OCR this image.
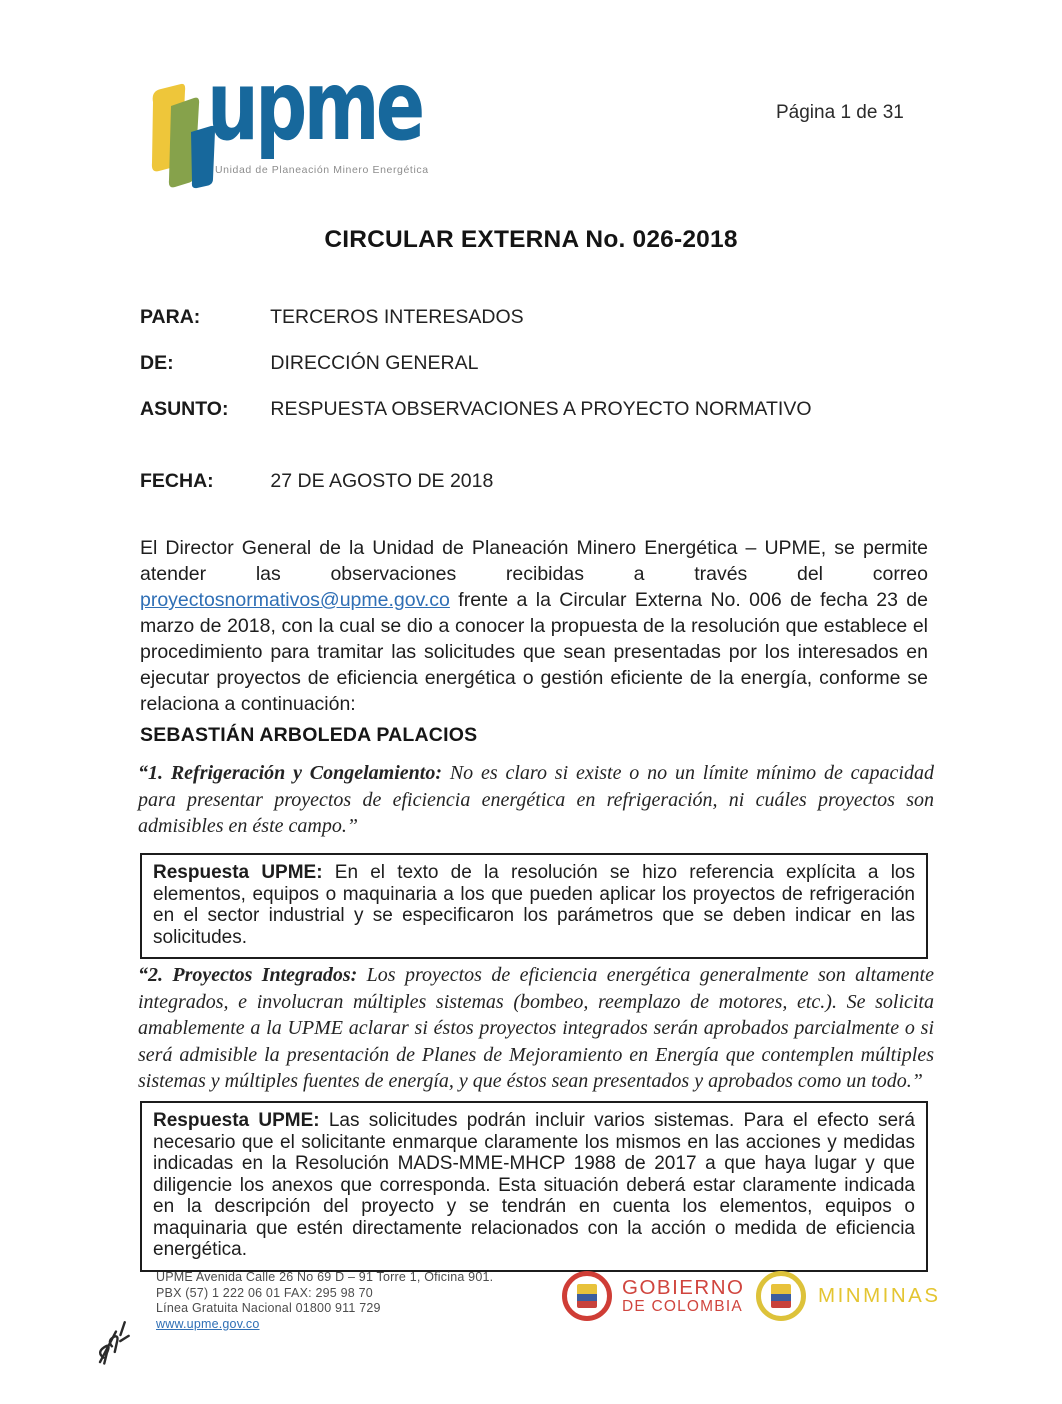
upme
Unidad de Planeación Minero Energética
Página 1 de 31
CIRCULAR EXTERNA No. 026-2018
PARA:	TERCEROS INTERESADOS
DE:	DIRECCIÓN GENERAL
ASUNTO: RESPUESTA OBSERVACIONES A PROYECTO NORMATIVO
FECHA:	27 DE AGOSTO DE 2018

El Director General de la Unidad de Planeación Minero Energética – UPME, se permite atender las observaciones recibidas a través del correo proyectosnormativos@upme.gov.co frente a la Circular Externa No. 006 de fecha 23 de marzo de 2018, con la cual se dio a conocer la propuesta de la resolución que establece el procedimiento para tramitar las solicitudes que sean presentadas por los interesados en ejecutar proyectos de eficiencia energética o gestión eficiente de la energía, conforme se relaciona a continuación:

SEBASTIÁN ARBOLEDA PALACIOS

“1. Refrigeración y Congelamiento: No es claro si existe o no un límite mínimo de capacidad para presentar proyectos de eficiencia energética en refrigeración, ni cuáles proyectos son admisibles en éste campo.”

Respuesta UPME: En el texto de la resolución se hizo referencia explícita a los elementos, equipos o maquinaria a los que pueden aplicar los proyectos de refrigeración en el sector industrial y se especificaron los parámetros que se deben indicar en las solicitudes.

“2. Proyectos Integrados: Los proyectos de eficiencia energética generalmente son altamente integrados, e involucran múltiples sistemas (bombeo, reemplazo de motores, etc.). Se solicita amablemente a la UPME aclarar si éstos proyectos integrados serán aprobados parcialmente o si será admisible la presentación de Planes de Mejoramiento en Energía que contemplen múltiples sistemas y múltiples fuentes de energía, y que éstos sean presentados y aprobados como un todo.”

Respuesta UPME: Las solicitudes podrán incluir varios sistemas. Para el efecto será necesario que el solicitante enmarque claramente los mismos en las acciones y medidas indicadas en la Resolución MADS-MME-MHCP 1988 de 2017 a que haya lugar y que diligencie los anexos que corresponda. Esta situación deberá estar claramente indicada en la descripción del proyecto y se tendrán en cuenta los elementos, equipos o maquinaria que estén directamente relacionados con la acción o medida de eficiencia energética.
UPME Avenida Calle 26 No 69 D – 91 Torre 1, Oficina 901.
PBX (57) 1 222 06 01 FAX: 295 98 70
Línea Gratuita Nacional 01800 911 729
www.upme.gov.co
GOBIERNO
DE COLOMBIA	MINMINAS
